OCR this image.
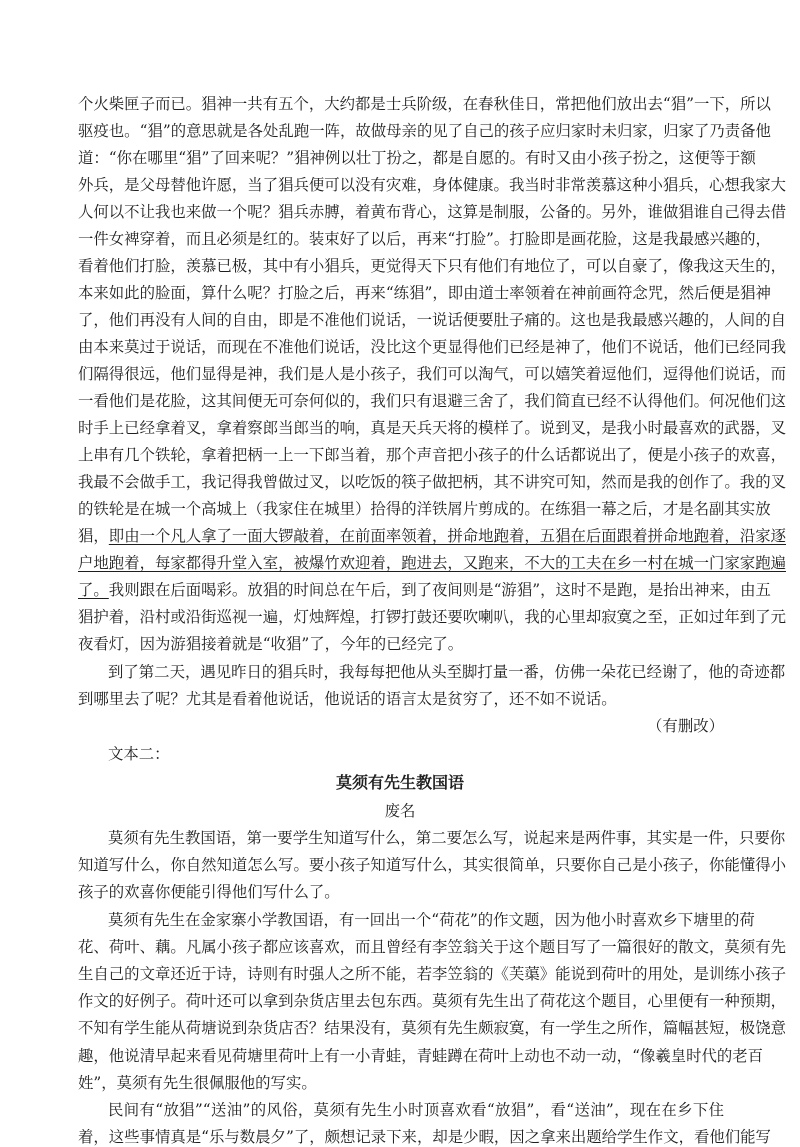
个火柴匣子而已。猖神一共有五个，大约都是士兵阶级，在春秋佳日，常把他们放出去“猖”一下，所以
驱疫也。“猖”的意思就是各处乱跑一阵，故做母亲的见了自己的孩子应归家时未归家，归家了乃责备他
道：“你在哪里“猖”了回来呢？”猖神例以壮丁扮之，都是自愿的。有时又由小孩子扮之，这便等于额
外兵，是父母替他许愿，当了猖兵便可以没有灾难，身体健康。我当时非常羡慕这种小猖兵，心想我家大
人何以不让我也来做一个呢？猖兵赤膊，着黄布背心，这算是制服，公备的。另外，谁做猖谁自己得去借
一件女裨穿着，而且必须是红的。装束好了以后，再来“打脸”。打脸即是画花脸，这是我最感兴趣的，
看着他们打脸，羡慕已极，其中有小猖兵，更觉得天下只有他们有地位了，可以自豪了，像我这天生的，
本来如此的脸面，算什么呢？打脸之后，再来“练猖”，即由道士率领着在神前画符念咒，然后便是猖神
了，他们再没有人间的自由，即是不准他们说话，一说话便要肚子痛的。这也是我最感兴趣的，人间的自
由本来莫过于说话，而现在不准他们说话，没比这个更显得他们已经是神了，他们不说话，他们已经同我
们隔得很远，他们显得是神，我们是人是小孩子，我们可以淘气，可以嬉笑着逗他们，逗得他们说话，而
一看他们是花脸，这其间便无可奈何似的，我们只有退避三舍了，我们简直已经不认得他们。何况他们这
时手上已经拿着叉，拿着察郎当郎当的响，真是天兵天将的模样了。说到叉，是我小时最喜欢的武器，叉
上串有几个铁轮，拿着把柄一上一下郎当着，那个声音把小孩子的什么话都说出了，便是小孩子的欢喜，
我最不会做手工，我记得我曾做过叉，以吃饭的筷子做把柄，其不讲究可知，然而是我的创作了。我的叉
的铁轮是在城一个高城上（我家住在城里）拾得的洋铁屑片剪成的。在练猖一幕之后，才是名副其实放
猖，即由一个凡人拿了一面大锣敲着，在前面率领着，拼命地跑着，五猖在后面跟着拼命地跑着，沿家逐
户地跑着，每家都得升堂入室，被爆竹欢迎着，跑进去，又跑来，不大的工夫在乡一村在城一门家家跑遍
了。我则跟在后面喝彩。放猖的时间总在午后，到了夜间则是“游猖”，这时不是跑，是抬出神来，由五
猖护着，沿村或沿街巡视一遍，灯烛辉煌，打锣打鼓还要吹喇叭，我的心里却寂寞之至，正如过年到了元
夜看灯，因为游猖接着就是“收猖”了，今年的已经完了。
到了第二天，遇见昨日的猖兵时，我每每把他从头至脚打量一番，仿佛一朵花已经谢了，他的奇迹都
到哪里去了呢？尤其是看着他说话，他说话的语言太是贫穷了，还不如不说话。
（有删改）
文本二：
莫须有先生教国语
废名
莫须有先生教国语，第一要学生知道写什么，第二要怎么写，说起来是两件事，其实是一件，只要你
知道写什么，你自然知道怎么写。要小孩子知道写什么，其实很简单，只要你自己是小孩子，你能懂得小
孩子的欢喜你便能引得他们写什么了。
莫须有先生在金家寨小学教国语，有一回出一个“荷花”的作文题，因为他小时喜欢乡下塘里的荷
花、荷叶、藕。凡属小孩子都应该喜欢，而且曾经有李笠翁关于这个题目写了一篇很好的散文，莫须有先
生自己的文章还近于诗，诗则有时强人之所不能，若李笠翁的《芙蕖》能说到荷叶的用处，是训练小孩子
作文的好例子。荷叶还可以拿到杂货店里去包东西。莫须有先生出了荷花这个题目，心里便有一种预期，
不知有学生能从荷塘说到杂货店否？结果没有，莫须有先生颇寂寞，有一学生之所作，篇幅甚短，极饶意
趣，他说清早起来看见荷塘里荷叶上有一小青蛙，青蛙蹲在荷叶上动也不动一动，“像羲皇时代的老百
姓”，莫须有先生很佩服他的写实。
民间有“放猖”“送油”的风俗，莫须有先生小时顶喜欢看“放猖”，看“送油”，现在在乡下住
着，这些事情真是“乐与数晨夕”了，颇想记录下来，却是少暇，因之拿来出题给学生作文，看他们能写
